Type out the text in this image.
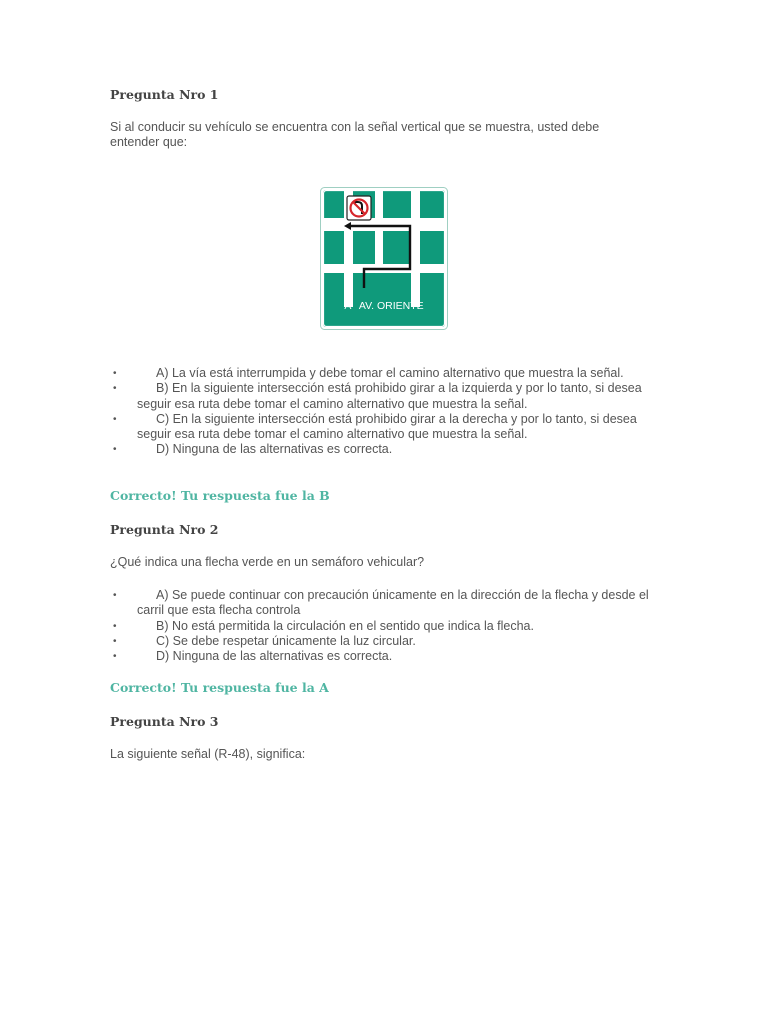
Pregunta Nro 1
Si al conducir su vehículo se encuentra con la señal vertical que se muestra, usted debe entender que:
•	A) La vía está interrumpida y debe tomar el camino alternativo que muestra la señal.
•	B) En la siguiente intersección está prohibido girar a la izquierda y por lo tanto, si desea seguir esa ruta debe tomar el camino alternativo que muestra la señal.
•	C) En la siguiente intersección está prohibido girar a la derecha y por lo tanto, si desea seguir esa ruta debe tomar el camino alternativo que muestra la señal.
•	D) Ninguna de las alternativas es correcta.
Correcto! Tu respuesta fue la B
Pregunta Nro 2
¿Qué indica una flecha verde en un semáforo vehicular?
•	A) Se puede continuar con precaución únicamente en la dirección de la flecha y desde el carril que esta flecha controla
•	B) No está permitida la circulación en el sentido que indica la flecha.
•	C) Se debe respetar únicamente la luz circular.
•	D) Ninguna de las alternativas es correcta.
Correcto! Tu respuesta fue la A
Pregunta Nro 3
La siguiente señal (R-48), significa:
A   AV. ORIENTE
